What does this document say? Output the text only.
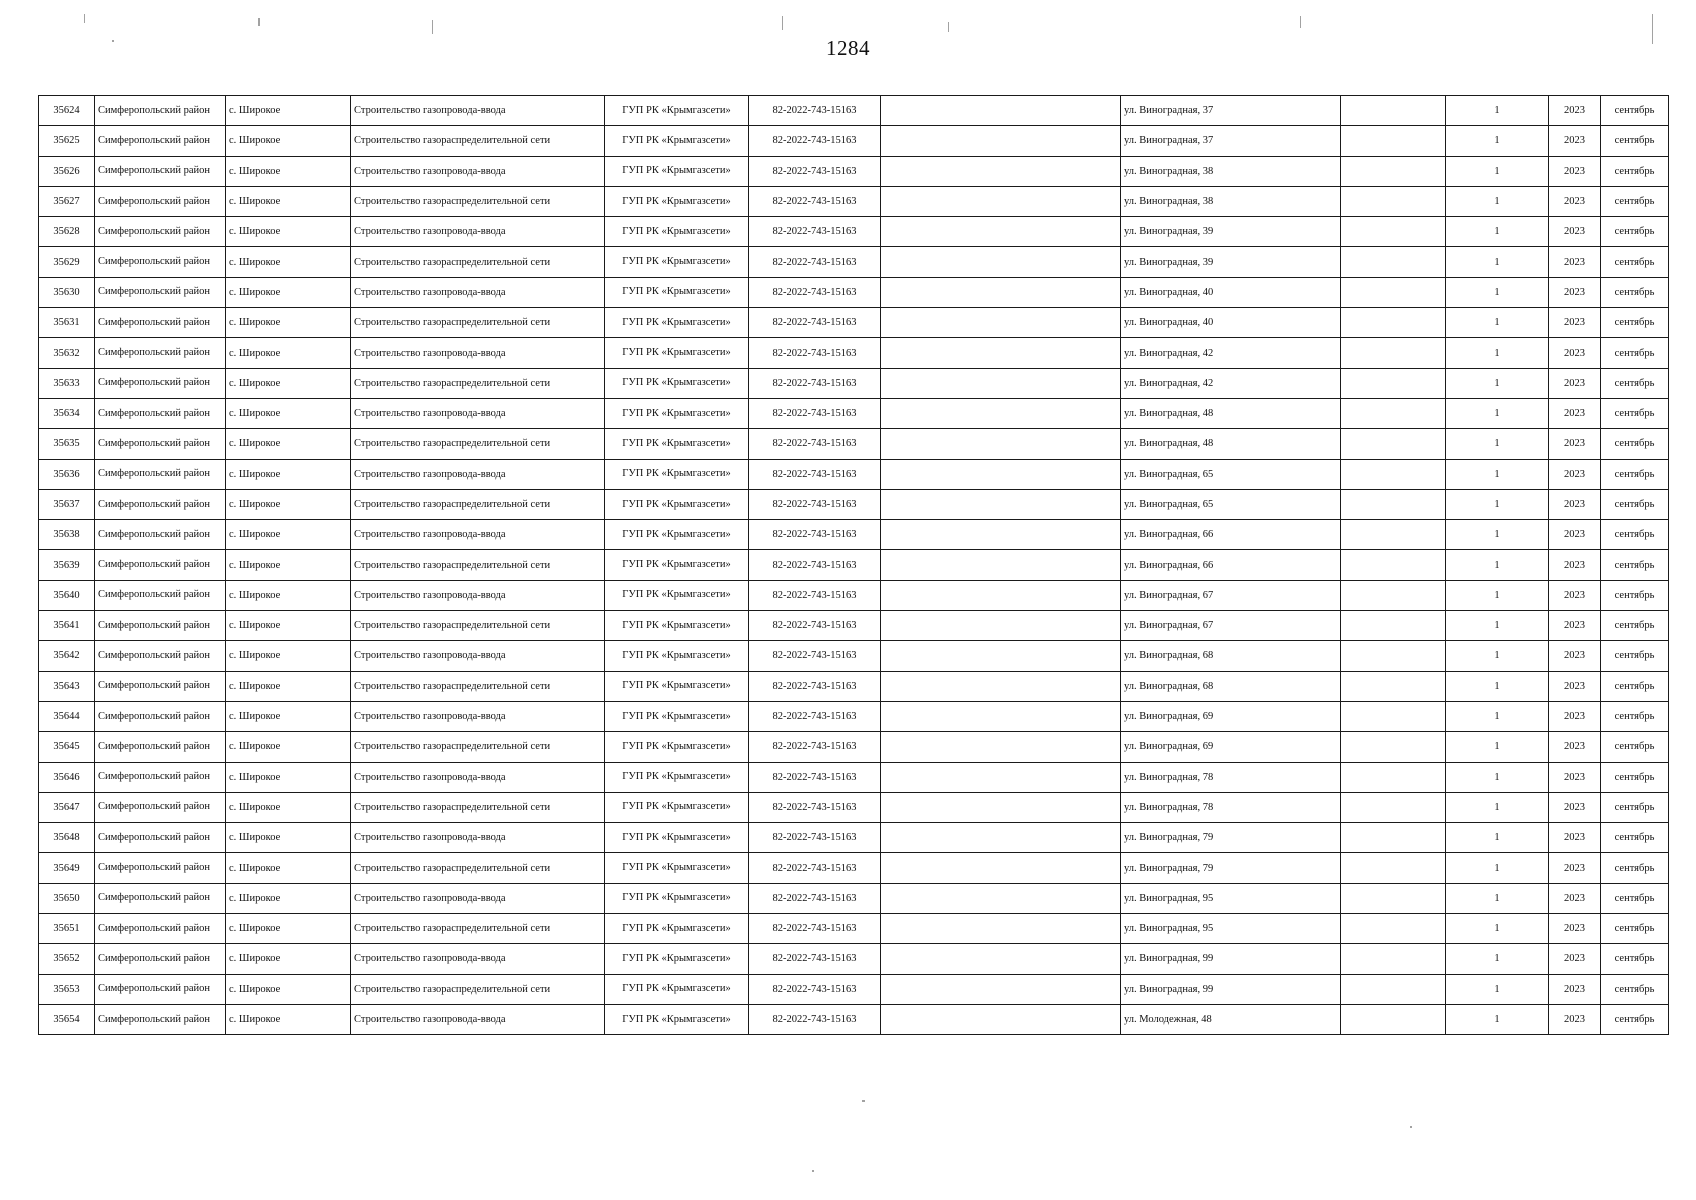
1284
35624	Симферопольский район	с. Широкое	Строительство газопровода-ввода	ГУП РК «Крымгазсети»	82-2022-743-15163		ул. Виноградная, 37		1	2023	сентябрь
35625	Симферопольский район	с. Широкое	Строительство газораспределительной сети	ГУП РК «Крымгазсети»	82-2022-743-15163		ул. Виноградная, 37		1	2023	сентябрь
35626	Симферопольский район	с. Широкое	Строительство газопровода-ввода	ГУП РК «Крымгазсети»	82-2022-743-15163		ул. Виноградная, 38		1	2023	сентябрь
35627	Симферопольский район	с. Широкое	Строительство газораспределительной сети	ГУП РК «Крымгазсети»	82-2022-743-15163		ул. Виноградная, 38		1	2023	сентябрь
35628	Симферопольский район	с. Широкое	Строительство газопровода-ввода	ГУП РК «Крымгазсети»	82-2022-743-15163		ул. Виноградная, 39		1	2023	сентябрь
35629	Симферопольский район	с. Широкое	Строительство газораспределительной сети	ГУП РК «Крымгазсети»	82-2022-743-15163		ул. Виноградная, 39		1	2023	сентябрь
35630	Симферопольский район	с. Широкое	Строительство газопровода-ввода	ГУП РК «Крымгазсети»	82-2022-743-15163		ул. Виноградная, 40		1	2023	сентябрь
35631	Симферопольский район	с. Широкое	Строительство газораспределительной сети	ГУП РК «Крымгазсети»	82-2022-743-15163		ул. Виноградная, 40		1	2023	сентябрь
35632	Симферопольский район	с. Широкое	Строительство газопровода-ввода	ГУП РК «Крымгазсети»	82-2022-743-15163		ул. Виноградная, 42		1	2023	сентябрь
35633	Симферопольский район	с. Широкое	Строительство газораспределительной сети	ГУП РК «Крымгазсети»	82-2022-743-15163		ул. Виноградная, 42		1	2023	сентябрь
35634	Симферопольский район	с. Широкое	Строительство газопровода-ввода	ГУП РК «Крымгазсети»	82-2022-743-15163		ул. Виноградная, 48		1	2023	сентябрь
35635	Симферопольский район	с. Широкое	Строительство газораспределительной сети	ГУП РК «Крымгазсети»	82-2022-743-15163		ул. Виноградная, 48		1	2023	сентябрь
35636	Симферопольский район	с. Широкое	Строительство газопровода-ввода	ГУП РК «Крымгазсети»	82-2022-743-15163		ул. Виноградная, 65		1	2023	сентябрь
35637	Симферопольский район	с. Широкое	Строительство газораспределительной сети	ГУП РК «Крымгазсети»	82-2022-743-15163		ул. Виноградная, 65		1	2023	сентябрь
35638	Симферопольский район	с. Широкое	Строительство газопровода-ввода	ГУП РК «Крымгазсети»	82-2022-743-15163		ул. Виноградная, 66		1	2023	сентябрь
35639	Симферопольский район	с. Широкое	Строительство газораспределительной сети	ГУП РК «Крымгазсети»	82-2022-743-15163		ул. Виноградная, 66		1	2023	сентябрь
35640	Симферопольский район	с. Широкое	Строительство газопровода-ввода	ГУП РК «Крымгазсети»	82-2022-743-15163		ул. Виноградная, 67		1	2023	сентябрь
35641	Симферопольский район	с. Широкое	Строительство газораспределительной сети	ГУП РК «Крымгазсети»	82-2022-743-15163		ул. Виноградная, 67		1	2023	сентябрь
35642	Симферопольский район	с. Широкое	Строительство газопровода-ввода	ГУП РК «Крымгазсети»	82-2022-743-15163		ул. Виноградная, 68		1	2023	сентябрь
35643	Симферопольский район	с. Широкое	Строительство газораспределительной сети	ГУП РК «Крымгазсети»	82-2022-743-15163		ул. Виноградная, 68		1	2023	сентябрь
35644	Симферопольский район	с. Широкое	Строительство газопровода-ввода	ГУП РК «Крымгазсети»	82-2022-743-15163		ул. Виноградная, 69		1	2023	сентябрь
35645	Симферопольский район	с. Широкое	Строительство газораспределительной сети	ГУП РК «Крымгазсети»	82-2022-743-15163		ул. Виноградная, 69		1	2023	сентябрь
35646	Симферопольский район	с. Широкое	Строительство газопровода-ввода	ГУП РК «Крымгазсети»	82-2022-743-15163		ул. Виноградная, 78		1	2023	сентябрь
35647	Симферопольский район	с. Широкое	Строительство газораспределительной сети	ГУП РК «Крымгазсети»	82-2022-743-15163		ул. Виноградная, 78		1	2023	сентябрь
35648	Симферопольский район	с. Широкое	Строительство газопровода-ввода	ГУП РК «Крымгазсети»	82-2022-743-15163		ул. Виноградная, 79		1	2023	сентябрь
35649	Симферопольский район	с. Широкое	Строительство газораспределительной сети	ГУП РК «Крымгазсети»	82-2022-743-15163		ул. Виноградная, 79		1	2023	сентябрь
35650	Симферопольский район	с. Широкое	Строительство газопровода-ввода	ГУП РК «Крымгазсети»	82-2022-743-15163		ул. Виноградная, 95		1	2023	сентябрь
35651	Симферопольский район	с. Широкое	Строительство газораспределительной сети	ГУП РК «Крымгазсети»	82-2022-743-15163		ул. Виноградная, 95		1	2023	сентябрь
35652	Симферопольский район	с. Широкое	Строительство газопровода-ввода	ГУП РК «Крымгазсети»	82-2022-743-15163		ул. Виноградная, 99		1	2023	сентябрь
35653	Симферопольский район	с. Широкое	Строительство газораспределительной сети	ГУП РК «Крымгазсети»	82-2022-743-15163		ул. Виноградная, 99		1	2023	сентябрь
35654	Симферопольский район	с. Широкое	Строительство газопровода-ввода	ГУП РК «Крымгазсети»	82-2022-743-15163		ул. Молодежная, 48		1	2023	сентябрь
